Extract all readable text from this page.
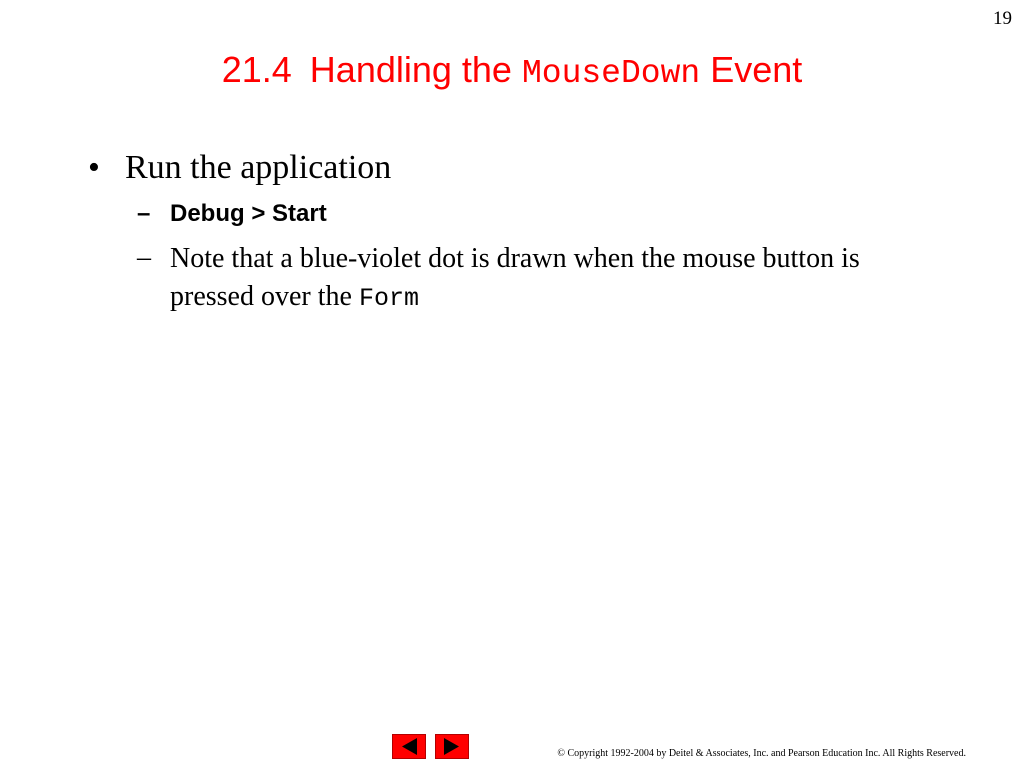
19
21.4 Handling the MouseDown Event
• Run the application
– Debug > Start
– Note that a blue-violet dot is drawn when the mouse button is pressed over the Form
© Copyright 1992-2004 by Deitel & Associates, Inc. and Pearson Education Inc. All Rights Reserved.
